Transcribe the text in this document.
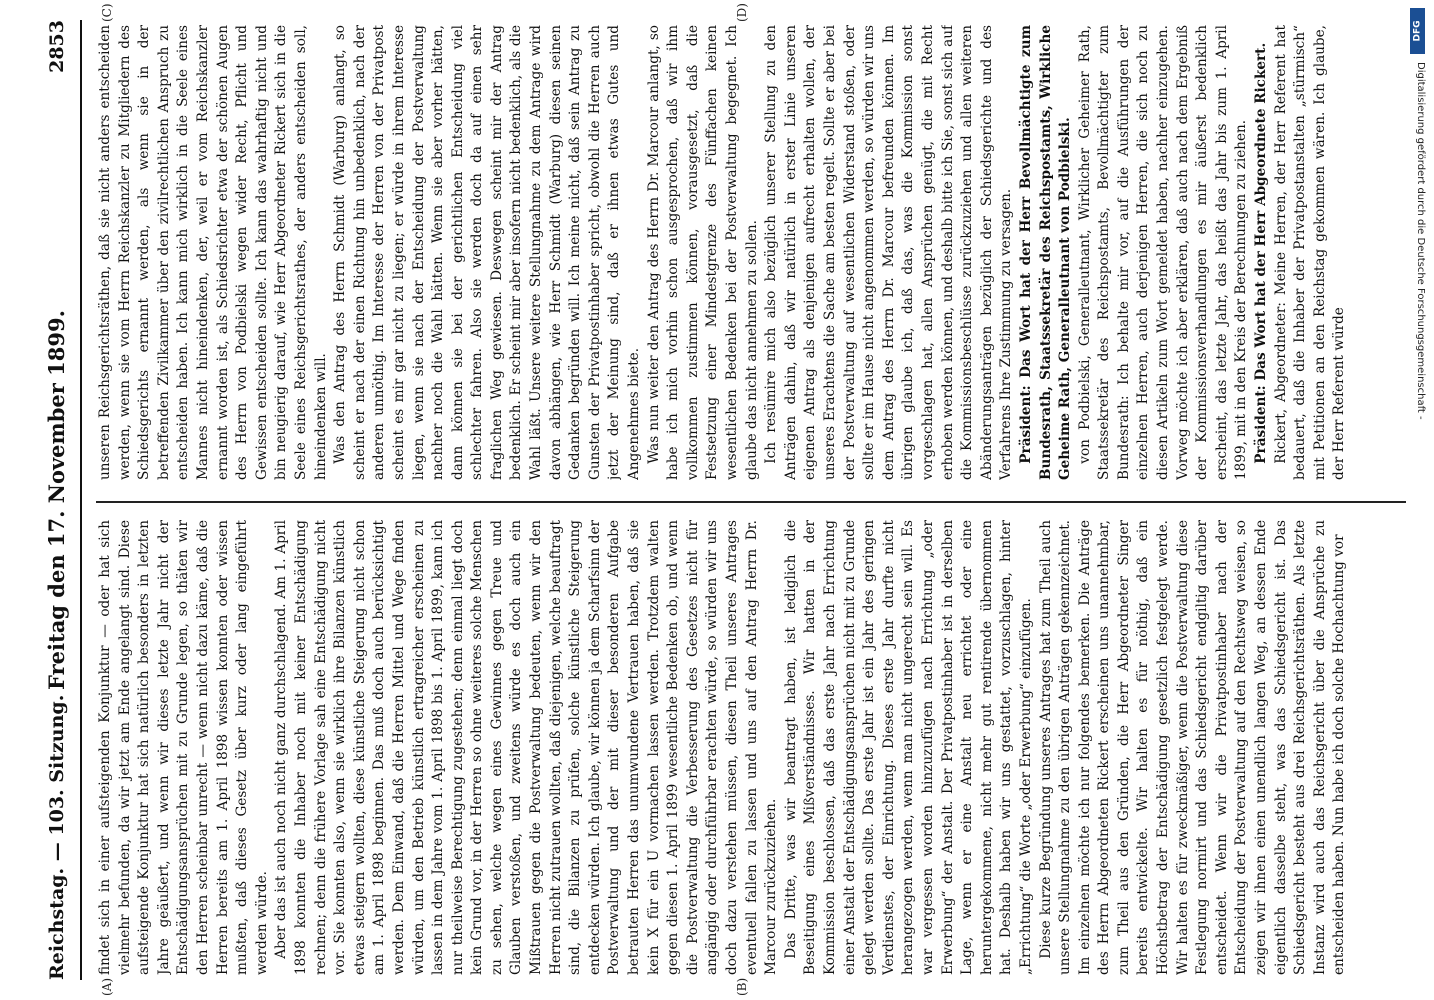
Reichstag. — 103. Sitzung.
Freitag den 17. November 1899.
2853
(A)	(B)
(C)	(D)

findet sich in einer aufsteigenden Konjunktur — oder hat sich vielmehr befunden, da wir jetzt am Ende angelangt sind. Diese aufsteigende Konjunktur hat sich natürlich besonders in letzten Jahre geäußert, und wenn wir dieses letzte Jahr nicht der Entschädigungsansprüchen mit zu Grunde legen, so thäten wir den Herren scheinbar unrecht — wenn nicht dazu käme, daß die Herren bereits am 1. April 1898 wissen konnten oder wissen mußten, daß dieses Gesetz über kurz oder lang eingeführt werden würde. Aber das ist auch noch nicht ganz durchschlagend. Am 1. April 1898 konnten die Inhaber noch mit keiner Entschädigung rechnen; denn die frühere Vorlage sah eine Entschädigung nicht vor. Sie konnten also, wenn sie wirklich ihre Bilanzen künstlich etwas steigern wollten, diese künstliche Steigerung nicht schon am 1. April 1898 beginnen. Das muß doch auch berücksichtigt werden. Dem Einwand, daß die Herren Mittel und Wege finden würden, um den Betrieb künstlich ertragreicher erscheinen zu lassen in dem Jahre vom 1. April 1898 bis 1. April 1899, kann ich nur theilweise Berechtigung zugestehen; denn einmal liegt doch kein Grund vor, in der Herren so ohne weiteres solche Menschen zu sehen, welche wegen eines Gewinnes gegen Treue und Glauben verstoßen, und zweitens würde es doch auch ein Mißtrauen gegen die Postverwaltung bedeuten, wenn wir den Herren nicht zutrauen wollten, daß diejenigen, welche beauftragt sind, die Bilanzen zu prüfen, solche künstliche Steigerung entdecken würden. Ich glaube, wir können ja dem Scharfsinn der Postverwaltung und der mit dieser besonderen Aufgabe betrauten Herren das unumwundene Vertrauen haben, daß sie kein X für ein U vormachen lassen werden. Trotzdem walten gegen diesen 1. April 1899 wesentliche Bedenken ob, und wenn die Postverwaltung die Verbesserung des Gesetzes nicht für angängig oder durchführbar erachten würde, so würden wir uns doch dazu verstehen müssen, diesen Theil unseres Antrages eventuell fallen zu lassen und uns auf den Antrag Herrn Dr. Marcour zurückzuziehen. Das Dritte, was wir beantragt haben, ist lediglich die Beseitigung eines Mißverständnisses. Wir hatten in der Kommission beschlossen, daß das erste Jahr nach Errichtung einer Anstalt der Entschädigungsansprüchen nicht mit zu Grunde gelegt werden sollte. Das erste Jahr ist ein Jahr des geringen Verdienstes, der Einrichtung. Dieses erste Jahr durfte nicht herangezogen werden, wenn man nicht ungerecht sein will. Es war vergessen worden hinzuzufügen nach Errichtung „oder Erwerbung“ der Anstalt. Der Privatpostinhaber ist in derselben Lage, wenn er eine Anstalt neu errichtet oder eine heruntergekommene, nicht mehr gut rentirende übernommen hat. Deshalb haben wir uns gestattet, vorzuschlagen, hinter „Errichtung“ die Worte „oder Erwerbung“ einzufügen. Diese kurze Begründung unseres Antrages hat zum Theil auch unsere Stellungnahme zu den übrigen Anträgen gekennzeichnet. Im einzelnen möchte ich nur folgendes bemerken. Die Anträge des Herrn Abgeordneten Rickert erscheinen uns unannehmbar, zum Theil aus den Gründen, die Herr Abgeordneter Singer bereits entwickelte. Wir halten es für nöthig, daß ein Höchstbetrag der Entschädigung gesetzlich festgelegt werde. Wir halten es für zweckmäßiger, wenn die Postverwaltung diese Festlegung normirt und das Schiedsgericht endgiltig darüber entscheidet. Wenn wir die Privatpostinhaber nach der Entscheidung der Postverwaltung auf den Rechtsweg weisen, so zeigen wir ihnen einen unendlich langen Weg, an dessen Ende eigentlich dasselbe steht, was das Schiedsgericht ist. Das Schiedsgericht besteht aus drei Reichsgerichtsräthen. Als letzte Instanz wird auch das Reichsgericht über die Ansprüche zu entscheiden haben. Nun habe ich doch solche Hochachtung vor

unseren Reichsgerichtsräthen, daß sie nicht anders entscheiden werden, wenn sie vom Herrn Reichskanzler zu Mitgliedern des Schiedsgerichts ernannt werden, als wenn sie in der betreffenden Zivilkammer über den zivilrechtlichen Anspruch zu entscheiden haben. Ich kann mich wirklich in die Seele eines Mannes nicht hineindenken, der, weil er vom Reichskanzler ernannt worden ist, als Schiedsrichter etwa der schönen Augen des Herrn von Podbielski wegen wider Recht, Pflicht und Gewissen entscheiden sollte. Ich kann das wahrhaftig nicht und bin neugierig darauf, wie Herr Abgeordneter Rickert sich in die Seele eines Reichsgerichtsrathes, der anders entscheiden soll, hineindenken will. Was den Antrag des Herrn Schmidt (Warburg) anlangt, so scheint er nach der einen Richtung hin unbedenklich, nach der anderen unnöthig. Im Interesse der Herren von der Privatpost scheint es mir gar nicht zu liegen; er würde in ihrem Interesse liegen, wenn sie nach der Entscheidung der Postverwaltung nachher noch die Wahl hätten. Wenn sie aber vorher hätten, dann können sie bei der gerichtlichen Entscheidung viel schlechter fahren. Also sie werden doch da auf einen sehr fraglichen Weg gewiesen. Deswegen scheint mir der Antrag bedenklich. Er scheint mir aber insofern nicht bedenklich, als die Wahl läßt. Unsere weitere Stellungnahme zu dem Antrage wird davon abhängen, wie Herr Schmidt (Warburg) diesen seinen Gedanken begründen will. Ich meine nicht, daß sein Antrag zu Gunsten der Privatpostinhaber spricht, obwohl die Herren auch jetzt der Meinung sind, daß er ihnen etwas Gutes und Angenehmes biete. Was nun weiter den Antrag des Herrn Dr. Marcour anlangt, so habe ich mich vorhin schon ausgesprochen, daß wir ihm vollkommen zustimmen können, vorausgesetzt, daß die Festsetzung einer Mindestgrenze des Fünffachen keinen wesentlichen Bedenken bei der Postverwaltung begegnet. Ich glaube das nicht annehmen zu sollen. Ich resümire mich also bezüglich unserer Stellung zu den Anträgen dahin, daß wir natürlich in erster Linie unseren eigenen Antrag als denjenigen aufrecht erhalten wollen, der unseres Erachtens die Sache am besten regelt. Sollte er aber bei der Postverwaltung auf wesentlichen Widerstand stoßen, oder sollte er im Hause nicht angenommen werden, so würden wir uns dem Antrag des Herrn Dr. Marcour befreunden können. Im übrigen glaube ich, daß das, was die Kommission sonst vorgeschlagen hat, allen Ansprüchen genügt, die mit Recht erhoben werden können, und deshalb bitte ich Sie, sonst sich auf die Kommissionsbeschlüsse zurückzuziehen und allen weiteren Abänderungsanträgen bezüglich der Schiedsgerichte und des Verfahrens Ihre Zustimmung zu versagen. Präsident: Das Wort hat der Herr Bevollmächtigte zum Bundesrath, Staatssekretär des Reichspostamts, Wirkliche Geheime Rath, Generalleutnant von Podbielski. von Podbielski, Generalleutnant, Wirklicher Geheimer Rath, Staatssekretär des Reichspostamts, Bevollmächtigter zum Bundesrath: Ich behalte mir vor, auf die Ausführungen der einzelnen Herren, auch derjenigen Herren, die sich noch zu diesen Artikeln zum Wort gemeldet haben, nachher einzugehen. Vorweg möchte ich aber erklären, daß auch nach dem Ergebniß der Kommissionsverhandlungen es mir äußerst bedenklich erscheint, das letzte Jahr, das heißt das Jahr bis zum 1. April 1899, mit in den Kreis der Berechnungen zu ziehen. Präsident: Das Wort hat der Herr Abgeordnete Rickert. Rickert, Abgeordneter: Meine Herren, der Herr Referent hat bedauert, daß die Inhaber der Privatpostanstalten „stürmisch“ mit Petitionen an den Reichstag gekommen wären. Ich glaube, der Herr Referent würde

DFG
Digitalisierung gefördert durch die Deutsche Forschungsgemeinschaft -
